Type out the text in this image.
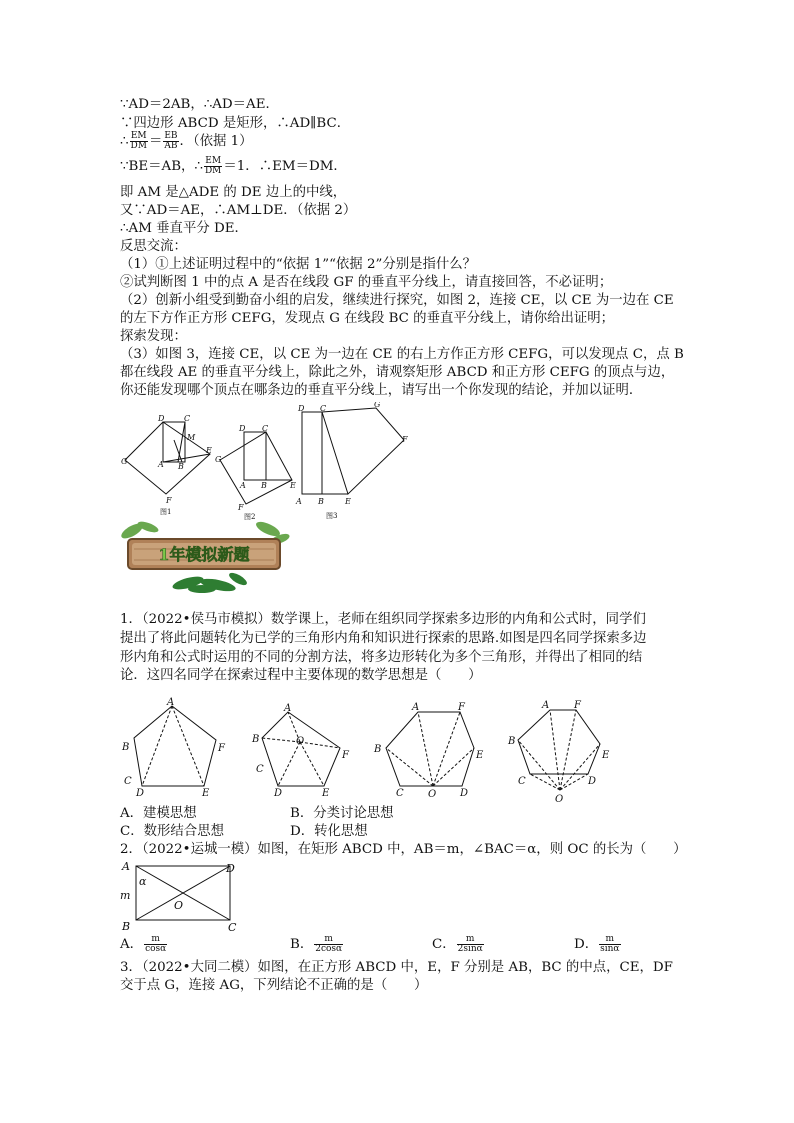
∵AD＝2AB，∴AD＝AE．
∵四边形 ABCD 是矩形，∴AD∥BC．
∴ $\frac{EM}{DM} = \frac{EB}{AB}$ ．（依据 1）
∵BE＝AB，∴ $\frac{EM}{DM} =1$．∴EM＝DM．
即 AM 是△ADE 的 DE 边上的中线，
又∵AD＝AE，∴AM⊥DE．（依据 2）
∴AM 垂直平分 DE．
反思交流：
（1）①上述证明过程中的“依据 1”“依据 2”分别是指什么？
②试判断图 1 中的点 A 是否在线段 GF 的垂直平分线上，请直接回答，不必证明；
（2）创新小组受到勤奋小组的启发，继续进行探究，如图 2，连接 CE，以 CE 为一边在 CE
的左下方作正方形 CEFG，发现点 G 在线段 BC 的垂直平分线上，请你给出证明；
探索发现：
（3）如图 3，连接 CE，以 CE 为一边在 CE 的右上方作正方形 CEFG，可以发现点 C，点 B
都在线段 AE 的垂直平分线上，除此之外，请观察矩形 ABCD 和正方形 CEFG 的顶点与边，
你还能发现哪个顶点在哪条边的垂直平分线上，请写出一个你发现的结论，并加以证明．
D C
M
A B
E
G
F
图1
D C
A B	E
G
F
图2
D C
A B	E
G
F
图3
1年模拟新题
1．（2022•侯马市模拟）数学课上，老师在组织同学探索多边形的内角和公式时，同学们
提出了将此问题转化为已学的三角形内角和知识进行探索的思路.如图是四名同学探索多边
形内角和公式时运用的不同的分割方法，将多边形转化为多个三角形，并得出了相同的结
论．这四名同学在探索过程中主要体现的数学思想是（　　）
A
B	F
C
D	E
A
B
F
C
D	E
O
A	F
B
E
C	D
O
A F
B
E
C	D
O
A．建模思想	B．分类讨论思想
C．数形结合思想	D．转化思想
2．（2022•运城一模）如图，在矩形 ABCD 中，AB＝m，∠BAC＝α，则 OC 的长为（　　）
A	D
B	C
m
α
O
A． $\frac{m}{\cos\alpha}$	B． $\frac{m}{2\cos\alpha}$	C． $\frac{m}{2\sin\alpha}$	D． $\frac{m}{\sin\alpha}$
3．（2022•大同二模）如图，在正方形 ABCD 中，E，F 分别是 AB，BC 的中点，CE，DF
交于点 G，连接 AG，下列结论不正确的是（　　）
